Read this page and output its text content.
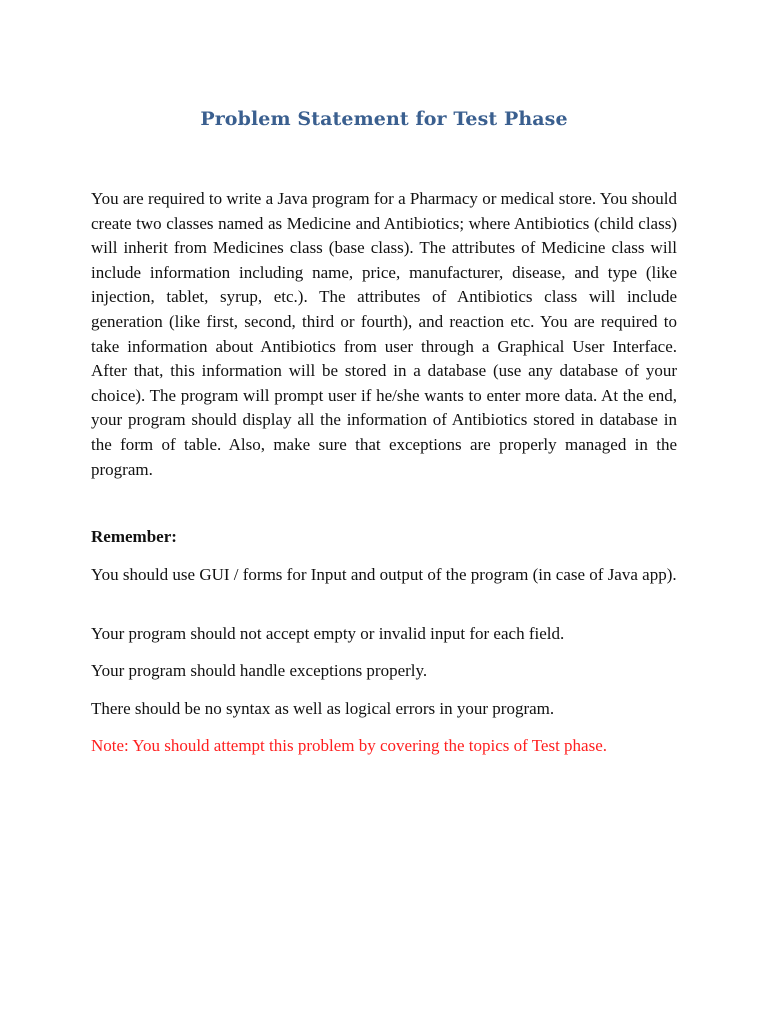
Problem Statement for Test Phase

You are required to write a Java program for a Pharmacy or medical store. You should create two classes named as Medicine and Antibiotics; where Antibiotics (child class) will inherit from Medicines class (base class). The attributes of Medicine class will include information including name, price, manufacturer, disease, and type (like injection, tablet, syrup, etc.). The attributes of Antibiotics class will include generation (like first, second, third or fourth), and reaction etc. You are required to take information about Antibiotics from user through a Graphical User Interface. After that, this information will be stored in a database (use any database of your choice). The program will prompt user if he/she wants to enter more data. At the end, your program should display all the information of Antibiotics stored in database in the form of table. Also, make sure that exceptions are properly managed in the program.

Remember:

You should use GUI / forms for Input and output of the program (in case of Java app).

Your program should not accept empty or invalid input for each field.

Your program should handle exceptions properly.

There should be no syntax as well as logical errors in your program.

Note: You should attempt this problem by covering the topics of Test phase.
